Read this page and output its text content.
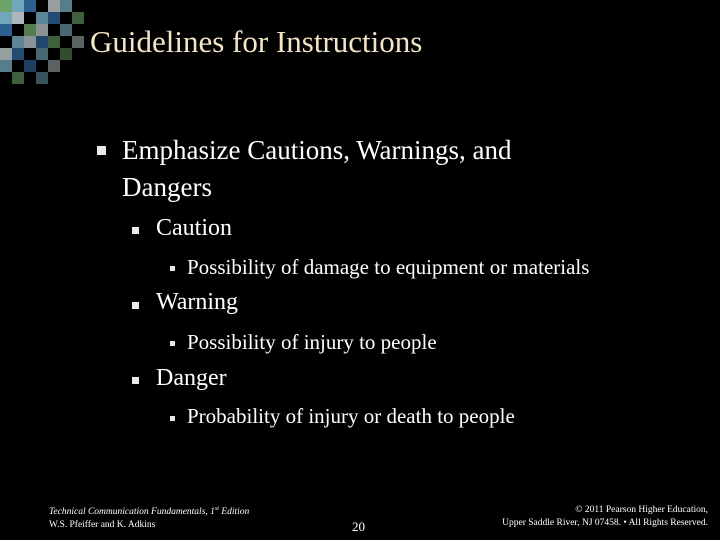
Guidelines for Instructions
Emphasize Cautions, Warnings, and
Dangers
Caution
Possibility of damage to equipment or materials
Warning
Possibility of injury to people
Danger
Probability of injury or death to people
Technical Communication Fundamentals, 1st Edition
W.S. Pfeiffer and K. Adkins	20
© 2011 Pearson Higher Education,
Upper Saddle River, NJ 07458. • All Rights Reserved.
